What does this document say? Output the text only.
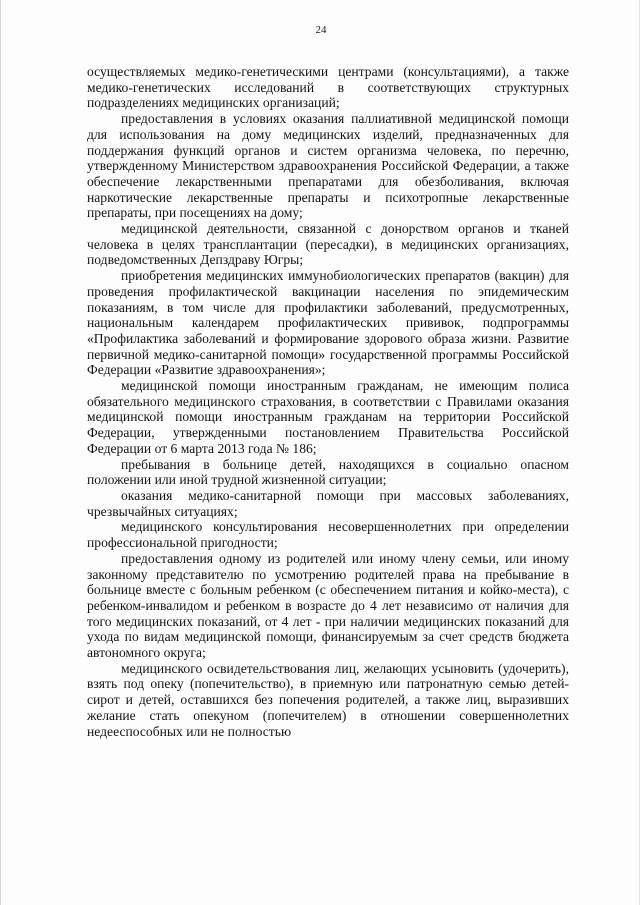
24

осуществляемых медико-генетическими центрами (консультациями), а также медико-генетических исследований в соответствующих структурных подразделениях медицинских организаций;

предоставления в условиях оказания паллиативной медицинской помощи для использования на дому медицинских изделий, предназначенных для поддержания функций органов и систем организма человека, по перечню, утвержденному Министерством здравоохранения Российской Федерации, а также обеспечение лекарственными препаратами для обезболивания, включая наркотические лекарственные препараты и психотропные лекарственные препараты, при посещениях на дому;

медицинской деятельности, связанной с донорством органов и тканей человека в целях трансплантации (пересадки), в медицинских организациях, подведомственных Депздраву Югры;

приобретения медицинских иммунобиологических препаратов (вакцин) для проведения профилактической вакцинации населения по эпидемическим показаниям, в том числе для профилактики заболеваний, предусмотренных, национальным календарем профилактических прививок, подпрограммы «Профилактика заболеваний и формирование здорового образа жизни. Развитие первичной медико-санитарной помощи» государственной программы Российской Федерации «Развитие здравоохранения»;

медицинской помощи иностранным гражданам, не имеющим полиса обязательного медицинского страхования, в соответствии с Правилами оказания медицинской помощи иностранным гражданам на территории Российской Федерации, утвержденными постановлением Правительства Российской Федерации от 6 марта 2013 года № 186;

пребывания в больнице детей, находящихся в социально опасном положении или иной трудной жизненной ситуации;

оказания медико-санитарной помощи при массовых заболеваниях, чрезвычайных ситуациях;

медицинского консультирования несовершеннолетних при определении профессиональной пригодности;

предоставления одному из родителей или иному члену семьи, или иному законному представителю по усмотрению родителей права на пребывание в больнице вместе с больным ребенком (с обеспечением питания и койко-места), с ребенком-инвалидом и ребенком в возрасте до 4 лет независимо от наличия для того медицинских показаний, от 4 лет - при наличии медицинских показаний для ухода по видам медицинской помощи, финансируемым за счет средств бюджета автономного округа;

медицинского освидетельствования лиц, желающих усыновить (удочерить), взять под опеку (попечительство), в приемную или патронатную семью детей-сирот и детей, оставшихся без попечения родителей, а также лиц, выразивших желание стать опекуном (попечителем) в отношении совершеннолетних недееспособных или не полностью
